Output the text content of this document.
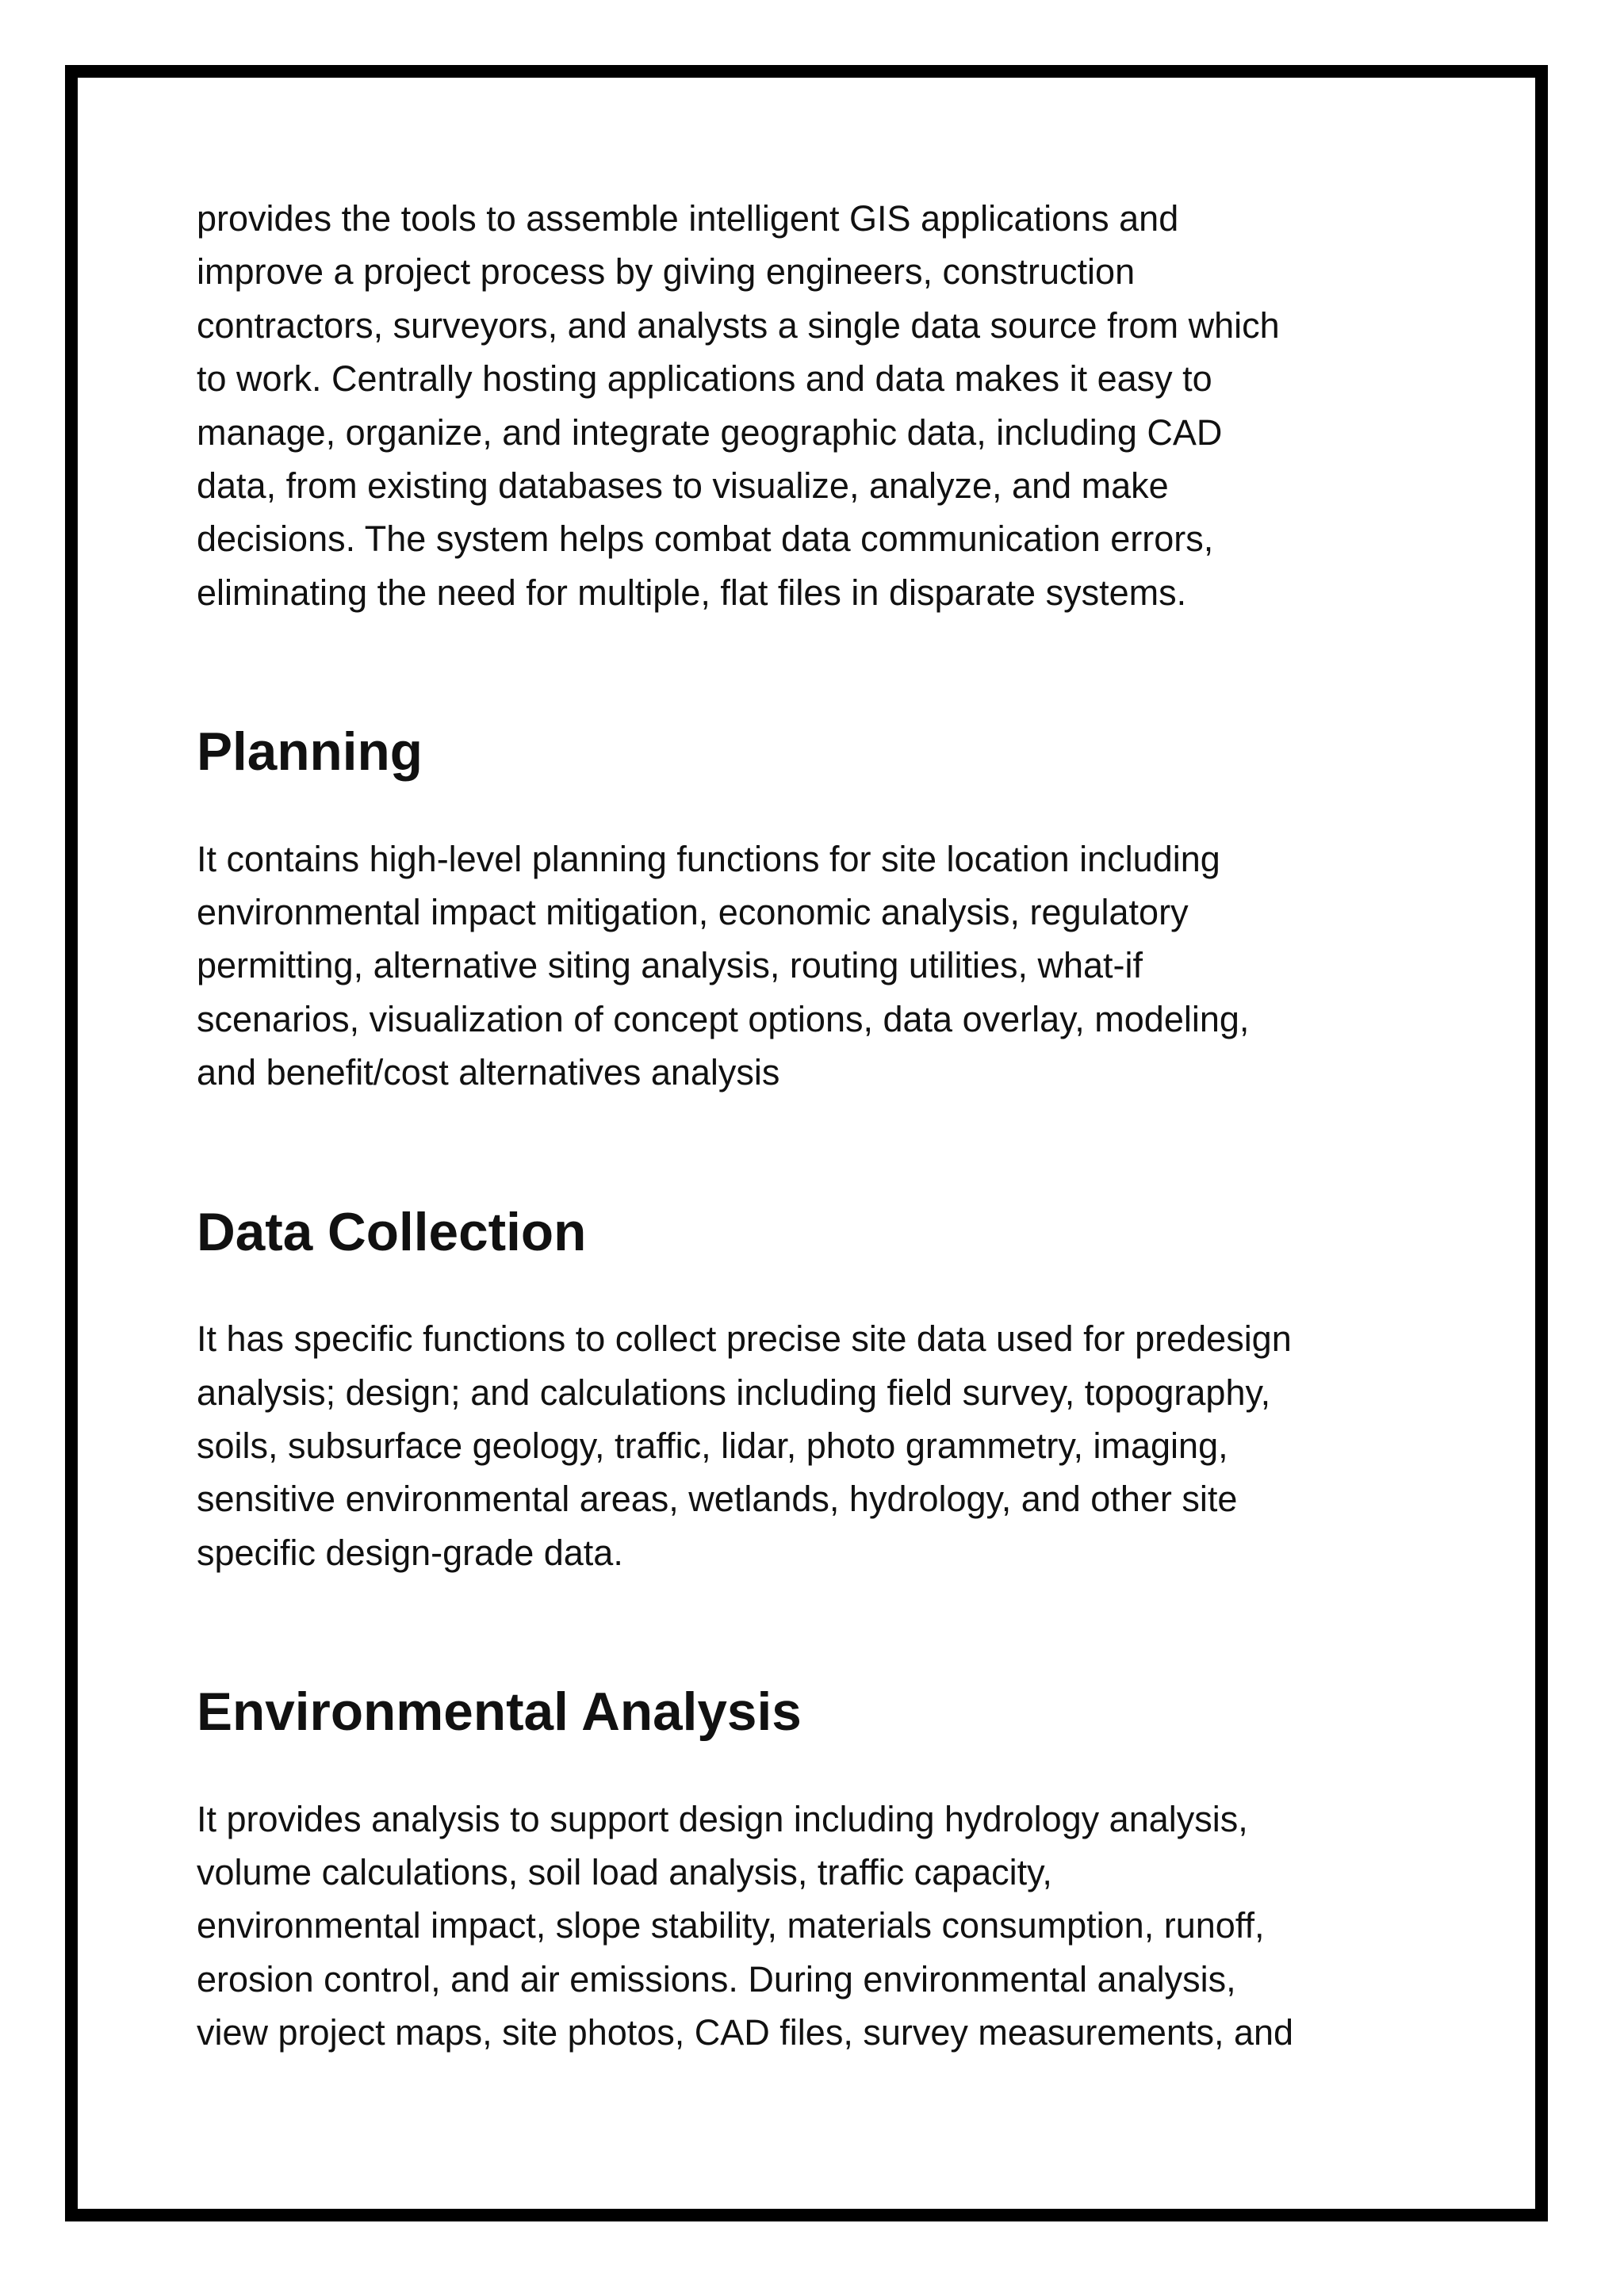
provides the tools to assemble intelligent GIS applications and
improve a project process by giving engineers, construction
contractors, surveyors, and analysts a single data source from which
to work. Centrally hosting applications and data makes it easy to
manage, organize, and integrate geographic data, including CAD
data, from existing databases to visualize, analyze, and make
decisions. The system helps combat data communication errors,
eliminating the need for multiple, flat files in disparate systems.
Planning
It contains high-level planning functions for site location including
environmental impact mitigation, economic analysis, regulatory
permitting, alternative siting analysis, routing utilities, what-if
scenarios, visualization of concept options, data overlay, modeling,
and benefit/cost alternatives analysis
Data Collection
It has specific functions to collect precise site data used for predesign
analysis; design; and calculations including field survey, topography,
soils, subsurface geology, traffic, lidar, photo grammetry, imaging,
sensitive environmental areas, wetlands, hydrology, and other site
specific design-grade data.
Environmental Analysis
It provides analysis to support design including hydrology analysis,
volume calculations, soil load analysis, traffic capacity,
environmental impact, slope stability, materials consumption, runoff,
erosion control, and air emissions. During environmental analysis,
view project maps, site photos, CAD files, survey measurements, and
